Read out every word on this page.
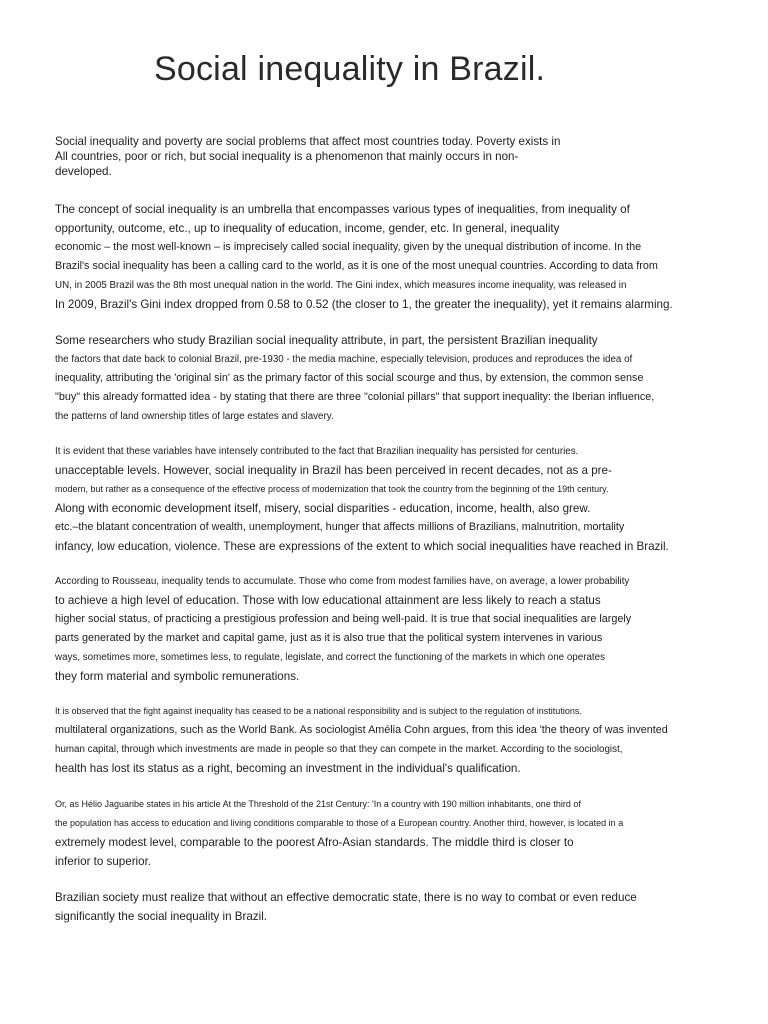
Social inequality in Brazil.
Social inequality and poverty are social problems that affect most countries today. Poverty exists in
All countries, poor or rich, but social inequality is a phenomenon that mainly occurs in non-
developed.
The concept of social inequality is an umbrella that encompasses various types of inequalities, from inequality of
opportunity, outcome, etc., up to inequality of education, income, gender, etc. In general, inequality
economic – the most well-known – is imprecisely called social inequality, given by the unequal distribution of income. In the
Brazil's social inequality has been a calling card to the world, as it is one of the most unequal countries. According to data from
UN, in 2005 Brazil was the 8th most unequal nation in the world. The Gini index, which measures income inequality, was released in
In 2009, Brazil's Gini index dropped from 0.58 to 0.52 (the closer to 1, the greater the inequality), yet it remains alarming.
Some researchers who study Brazilian social inequality attribute, in part, the persistent Brazilian inequality
the factors that date back to colonial Brazil, pre-1930 - the media machine, especially television, produces and reproduces the idea of
inequality, attributing the 'original sin' as the primary factor of this social scourge and thus, by extension, the common sense
"buy" this already formatted idea - by stating that there are three "colonial pillars" that support inequality: the Iberian influence,
the patterns of land ownership titles of large estates and slavery.
It is evident that these variables have intensely contributed to the fact that Brazilian inequality has persisted for centuries.
unacceptable levels. However, social inequality in Brazil has been perceived in recent decades, not as a pre-
modern, but rather as a consequence of the effective process of modernization that took the country from the beginning of the 19th century.
Along with economic development itself, misery, social disparities - education, income, health, also grew.
etc.–the blatant concentration of wealth, unemployment, hunger that affects millions of Brazilians, malnutrition, mortality
infancy, low education, violence. These are expressions of the extent to which social inequalities have reached in Brazil.
According to Rousseau, inequality tends to accumulate. Those who come from modest families have, on average, a lower probability
to achieve a high level of education. Those with low educational attainment are less likely to reach a status
higher social status, of practicing a prestigious profession and being well-paid. It is true that social inequalities are largely
parts generated by the market and capital game, just as it is also true that the political system intervenes in various
ways, sometimes more, sometimes less, to regulate, legislate, and correct the functioning of the markets in which one operates
they form material and symbolic remunerations.
It is observed that the fight against inequality has ceased to be a national responsibility and is subject to the regulation of institutions.
multilateral organizations, such as the World Bank. As sociologist Amélia Cohn argues, from this idea 'the theory of was invented
human capital, through which investments are made in people so that they can compete in the market. According to the sociologist,
health has lost its status as a right, becoming an investment in the individual's qualification.
Or, as Hélio Jaguaribe states in his article At the Threshold of the 21st Century: 'In a country with 190 million inhabitants, one third of
the population has access to education and living conditions comparable to those of a European country. Another third, however, is located in a
extremely modest level, comparable to the poorest Afro-Asian standards. The middle third is closer to
inferior to superior.
Brazilian society must realize that without an effective democratic state, there is no way to combat or even reduce
significantly the social inequality in Brazil.
